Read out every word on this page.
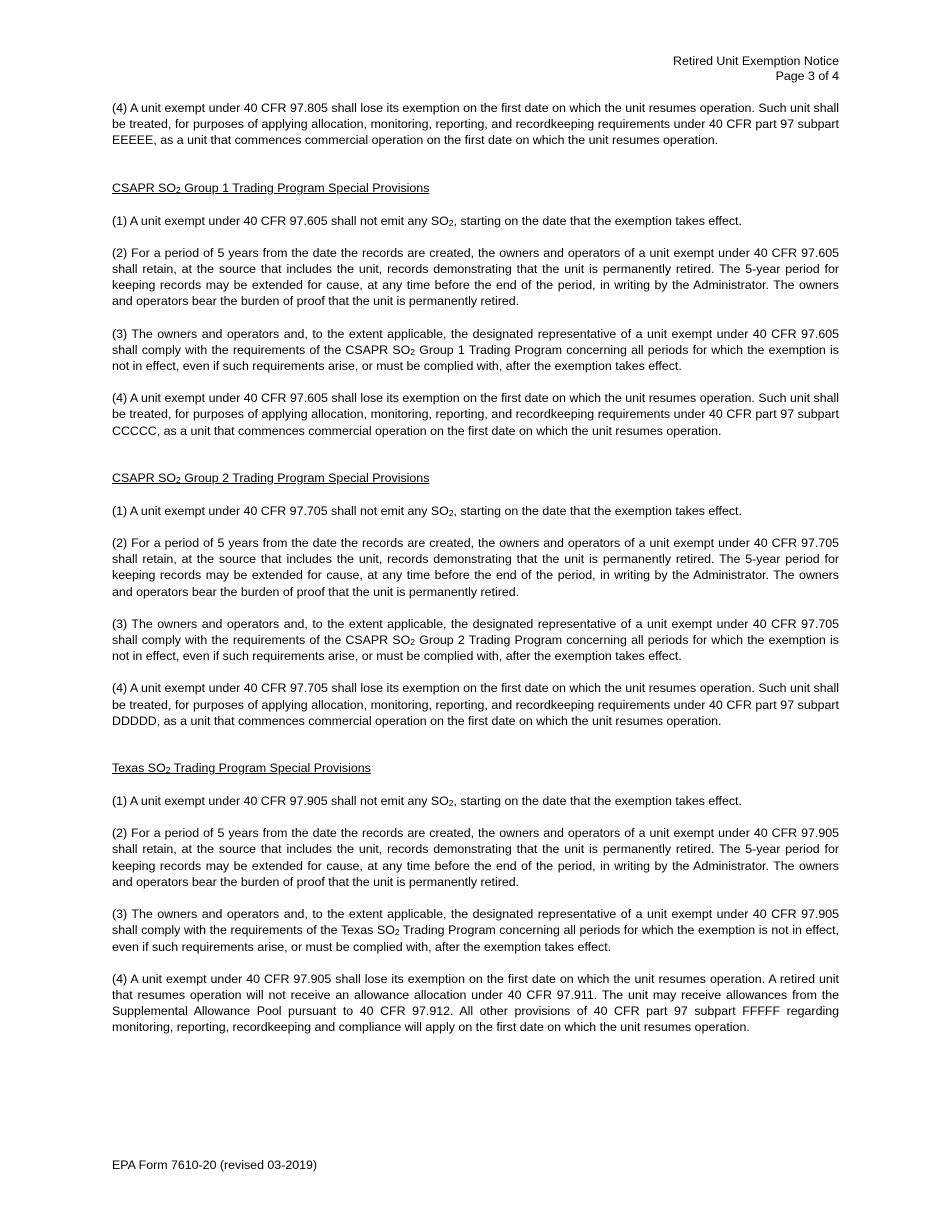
Retired Unit Exemption Notice
Page 3 of 4

(4) A unit exempt under 40 CFR 97.805 shall lose its exemption on the first date on which the unit resumes operation. Such unit shall be treated, for purposes of applying allocation, monitoring, reporting, and recordkeeping requirements under 40 CFR part 97 subpart EEEEE, as a unit that commences commercial operation on the first date on which the unit resumes operation.

CSAPR $SO_2$ Group 1 Trading Program Special Provisions

(1) A unit exempt under 40 CFR 97.605 shall not emit any $SO_2$, starting on the date that the exemption takes effect.

(2) For a period of 5 years from the date the records are created, the owners and operators of a unit exempt under 40 CFR 97.605 shall retain, at the source that includes the unit, records demonstrating that the unit is permanently retired. The 5-year period for keeping records may be extended for cause, at any time before the end of the period, in writing by the Administrator. The owners and operators bear the burden of proof that the unit is permanently retired.

(3) The owners and operators and, to the extent applicable, the designated representative of a unit exempt under 40 CFR 97.605 shall comply with the requirements of the CSAPR $SO_2$ Group 1 Trading Program concerning all periods for which the exemption is not in effect, even if such requirements arise, or must be complied with, after the exemption takes effect.

(4) A unit exempt under 40 CFR 97.605 shall lose its exemption on the first date on which the unit resumes operation. Such unit shall be treated, for purposes of applying allocation, monitoring, reporting, and recordkeeping requirements under 40 CFR part 97 subpart CCCCC, as a unit that commences commercial operation on the first date on which the unit resumes operation.

CSAPR $SO_2$ Group 2 Trading Program Special Provisions

(1) A unit exempt under 40 CFR 97.705 shall not emit any $SO_2$, starting on the date that the exemption takes effect.

(2) For a period of 5 years from the date the records are created, the owners and operators of a unit exempt under 40 CFR 97.705 shall retain, at the source that includes the unit, records demonstrating that the unit is permanently retired. The 5-year period for keeping records may be extended for cause, at any time before the end of the period, in writing by the Administrator. The owners and operators bear the burden of proof that the unit is permanently retired.

(3) The owners and operators and, to the extent applicable, the designated representative of a unit exempt under 40 CFR 97.705 shall comply with the requirements of the CSAPR $SO_2$ Group 2 Trading Program concerning all periods for which the exemption is not in effect, even if such requirements arise, or must be complied with, after the exemption takes effect.

(4) A unit exempt under 40 CFR 97.705 shall lose its exemption on the first date on which the unit resumes operation. Such unit shall be treated, for purposes of applying allocation, monitoring, reporting, and recordkeeping requirements under 40 CFR part 97 subpart DDDDD, as a unit that commences commercial operation on the first date on which the unit resumes operation.

Texas $SO_2$ Trading Program Special Provisions

(1) A unit exempt under 40 CFR 97.905 shall not emit any $SO_2$, starting on the date that the exemption takes effect.

(2) For a period of 5 years from the date the records are created, the owners and operators of a unit exempt under 40 CFR 97.905 shall retain, at the source that includes the unit, records demonstrating that the unit is permanently retired. The 5-year period for keeping records may be extended for cause, at any time before the end of the period, in writing by the Administrator. The owners and operators bear the burden of proof that the unit is permanently retired.

(3) The owners and operators and, to the extent applicable, the designated representative of a unit exempt under 40 CFR 97.905 shall comply with the requirements of the Texas $SO_2$ Trading Program concerning all periods for which the exemption is not in effect, even if such requirements arise, or must be complied with, after the exemption takes effect.

(4) A unit exempt under 40 CFR 97.905 shall lose its exemption on the first date on which the unit resumes operation. A retired unit that resumes operation will not receive an allowance allocation under 40 CFR 97.911. The unit may receive allowances from the Supplemental Allowance Pool pursuant to 40 CFR 97.912. All other provisions of 40 CFR part 97 subpart FFFFF regarding monitoring, reporting, recordkeeping and compliance will apply on the first date on which the unit resumes operation.

EPA Form 7610-20 (revised 03-2019)
